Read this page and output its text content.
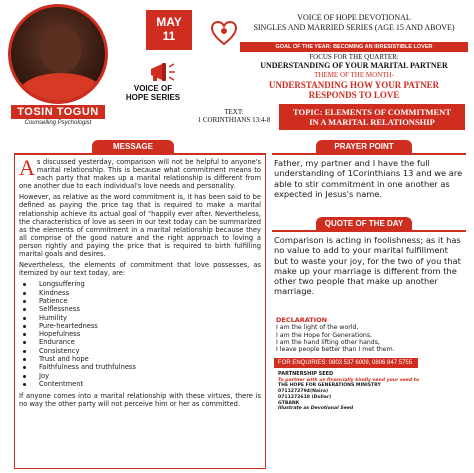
TOSIN TOGUN
Counselling Psychologist
MAY
11
VOICE OF
HOPE SERIES
VOICE OF HOPE DEVOTIONAL
SINGLES AND MARRIED SERIES (AGE 15 AND ABOVE)
GOAL OF THE YEAR: BECOMING AN IRRESISTIBLE LOVER
FOCUS FOR THE QUARTER:
UNDERSTANDING OF YOUR MARITAL PARTNER
THEME OF THE MONTH-
UNDERSTANDING HOW YOUR PATNER
RESPONDS TO LOVE
TEXT:
1 CORINTHIANS 13:4-8
TOPIC: ELEMENTS OF COMMITMENT
IN A MARITAL RELATIONSHIP
MESSAGE

As discussed yesterday, comparison will not be helpful to anyone's marital relationship. This is because what commitment means to each party that makes up a marital relationship is different from one another due to each individual's love needs and personality.

However, as relative as the word commitment is, it has been said to be defined as paying the price tag that is required to make a marital relationship achieve its actual goal of "happily ever after. Nevertheless, the characteristics of love as seen in our text today can be summarized as the elements of commitment in a marital relationship because they all comprise of the good nature and the right approach to loving a person rightly and paying the price that is required to birth fulfilling marital goals and desires.

Nevertheless, the elements of commitment that love possesses, as itemized by our text today, are:

Longsuffering
Kindness
Patience
Selflessness
Humility
Pure-heartedness
Hopefulness
Endurance
Consistency
Trust and hope
Faithfulness and truthfulness
Joy
Contentment

If anyone comes into a marital relationship with these virtues, there is no way the other party will not perceive him or her as committed.

PRAYER POINT
Father, my partner and I have the full understanding of 1Corinthians 13 and we are able to stir commitment in one another as expected in Jesus's name.
QUOTE OF THE DAY
Comparison is acting in foolishness; as it has no value to add to your marital fulfillment but to waste your joy, for the two of you that make up your marriage is different from the other two people that make up another marriage.
DECLARATION
I am the light of the world,
I am the Hope for Generations,
I am the hand lifting other hands,
I leave people better than I met them.
FOR ENQUIRIES: 0803 537 6009, 0806 847 5755
PARTNERSHIP SEED
To partner with us financially kindly send your seed to
THE HOPE FOR GENERATIONS MINISTRY
0711272794(Naira)
0711272618 (Dollar)
GTBANK
Illustrate as Devotional Seed
